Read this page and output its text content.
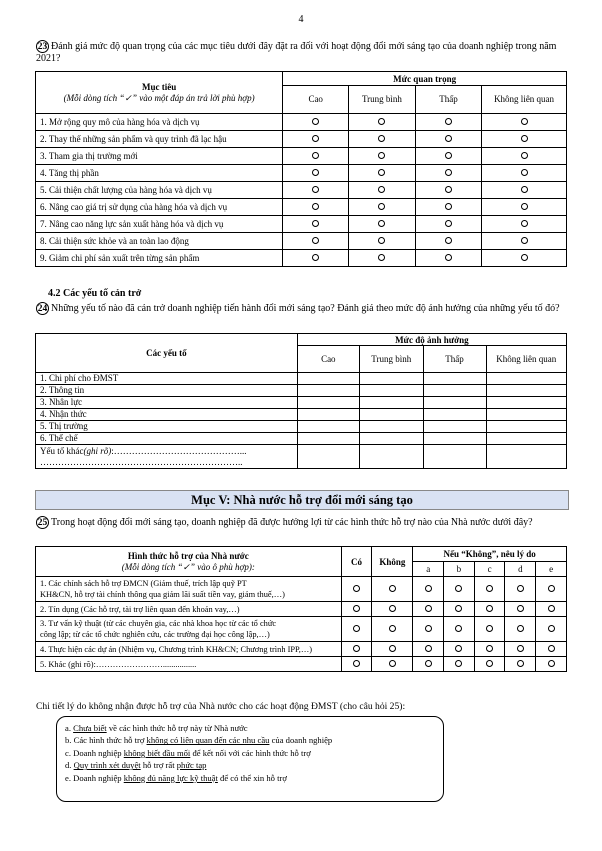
4
23 Đánh giá mức độ quan trọng của các mục tiêu dưới đây đặt ra đối với hoạt động đổi mới sáng tạo của doanh nghiệp trong năm 2021?
Mục tiêu
(Mỗi dòng tích “✓” vào một đáp án trả lời phù hợp)	Mức quan trọng			
	Cao	Trung bình	Thấp	Không liên quan
1. Mở rộng quy mô của hàng hóa và dịch vụ				
2. Thay thế những sản phẩm và quy trình đã lạc hậu				
3. Tham gia thị trường mới				
4. Tăng thị phần				
5. Cải thiện chất lượng của hàng hóa và dịch vụ				
6. Nâng cao giá trị sử dụng của hàng hóa và dịch vụ				
7. Nâng cao năng lực sản xuất hàng hóa và dịch vụ				
8. Cải thiện sức khỏe và an toàn lao động				
9. Giảm chi phí sản xuất trên từng sản phẩm				
4.2 Các yếu tố cản trở
24 Những yếu tố nào đã cản trở doanh nghiệp tiến hành đổi mới sáng tạo? Đánh giá theo mức độ ảnh hưởng của những yếu tố đó?
Các yếu tố	Mức độ ảnh hưởng			
	Cao	Trung bình	Thấp	Không liên quan
1. Chi phí cho ĐMST				
2. Thông tin				
3. Nhân lực				
4. Nhận thức				
5. Thị trường				
6. Thể chế				

Yếu tố khác(ghi rõ):……………………………………...
…………………………………………………………..				

Mục V: Nhà nước hỗ trợ đổi mới sáng tạo
25 Trong hoạt động đổi mới sáng tạo, doanh nghiệp đã được hưởng lợi từ các hình thức hỗ trợ nào của Nhà nước dưới đây?
Hình thức hỗ trợ của Nhà nước
(Mỗi dòng tích “✓” vào ô phù hợp):	Có	Không	Nếu “Không”, nêu lý do				
			a	b	c	d	e

1. Các chính sách hỗ trợ ĐMCN (Giảm thuế, trích lập quỹ PT
KH&CN, hỗ trợ tài chính thông qua giảm lãi suất tiền vay, giảm thuế,…)							

2. Tín dụng (Các hỗ trợ, tài trợ liên quan đến khoản vay,…)							

3. Tư vấn kỹ thuật (từ các chuyên gia, các nhà khoa học từ các tổ chức
công lập; từ các tổ chức nghiên cứu, các trường đại học công lập,…)							

4. Thực hiện các dự án (Nhiệm vụ, Chương trình KH&CN; Chương trình IPP,…)							

5. Khác (ghi rõ):……………………................							

Chi tiết lý do không nhận được hỗ trợ của Nhà nước cho các hoạt động ĐMST (cho câu hỏi 25):
a. Chưa biết về các hình thức hỗ trợ này từ Nhà nước
b. Các hình thức hỗ trợ không có liên quan đến các nhu cầu của doanh nghiệp
c. Doanh nghiệp không biết đầu mối để kết nối với các hình thức hỗ trợ
d. Quy trình xét duyệt hỗ trợ rất phức tạp
e. Doanh nghiệp không đủ năng lực kỹ thuật để có thể xin hỗ trợ
